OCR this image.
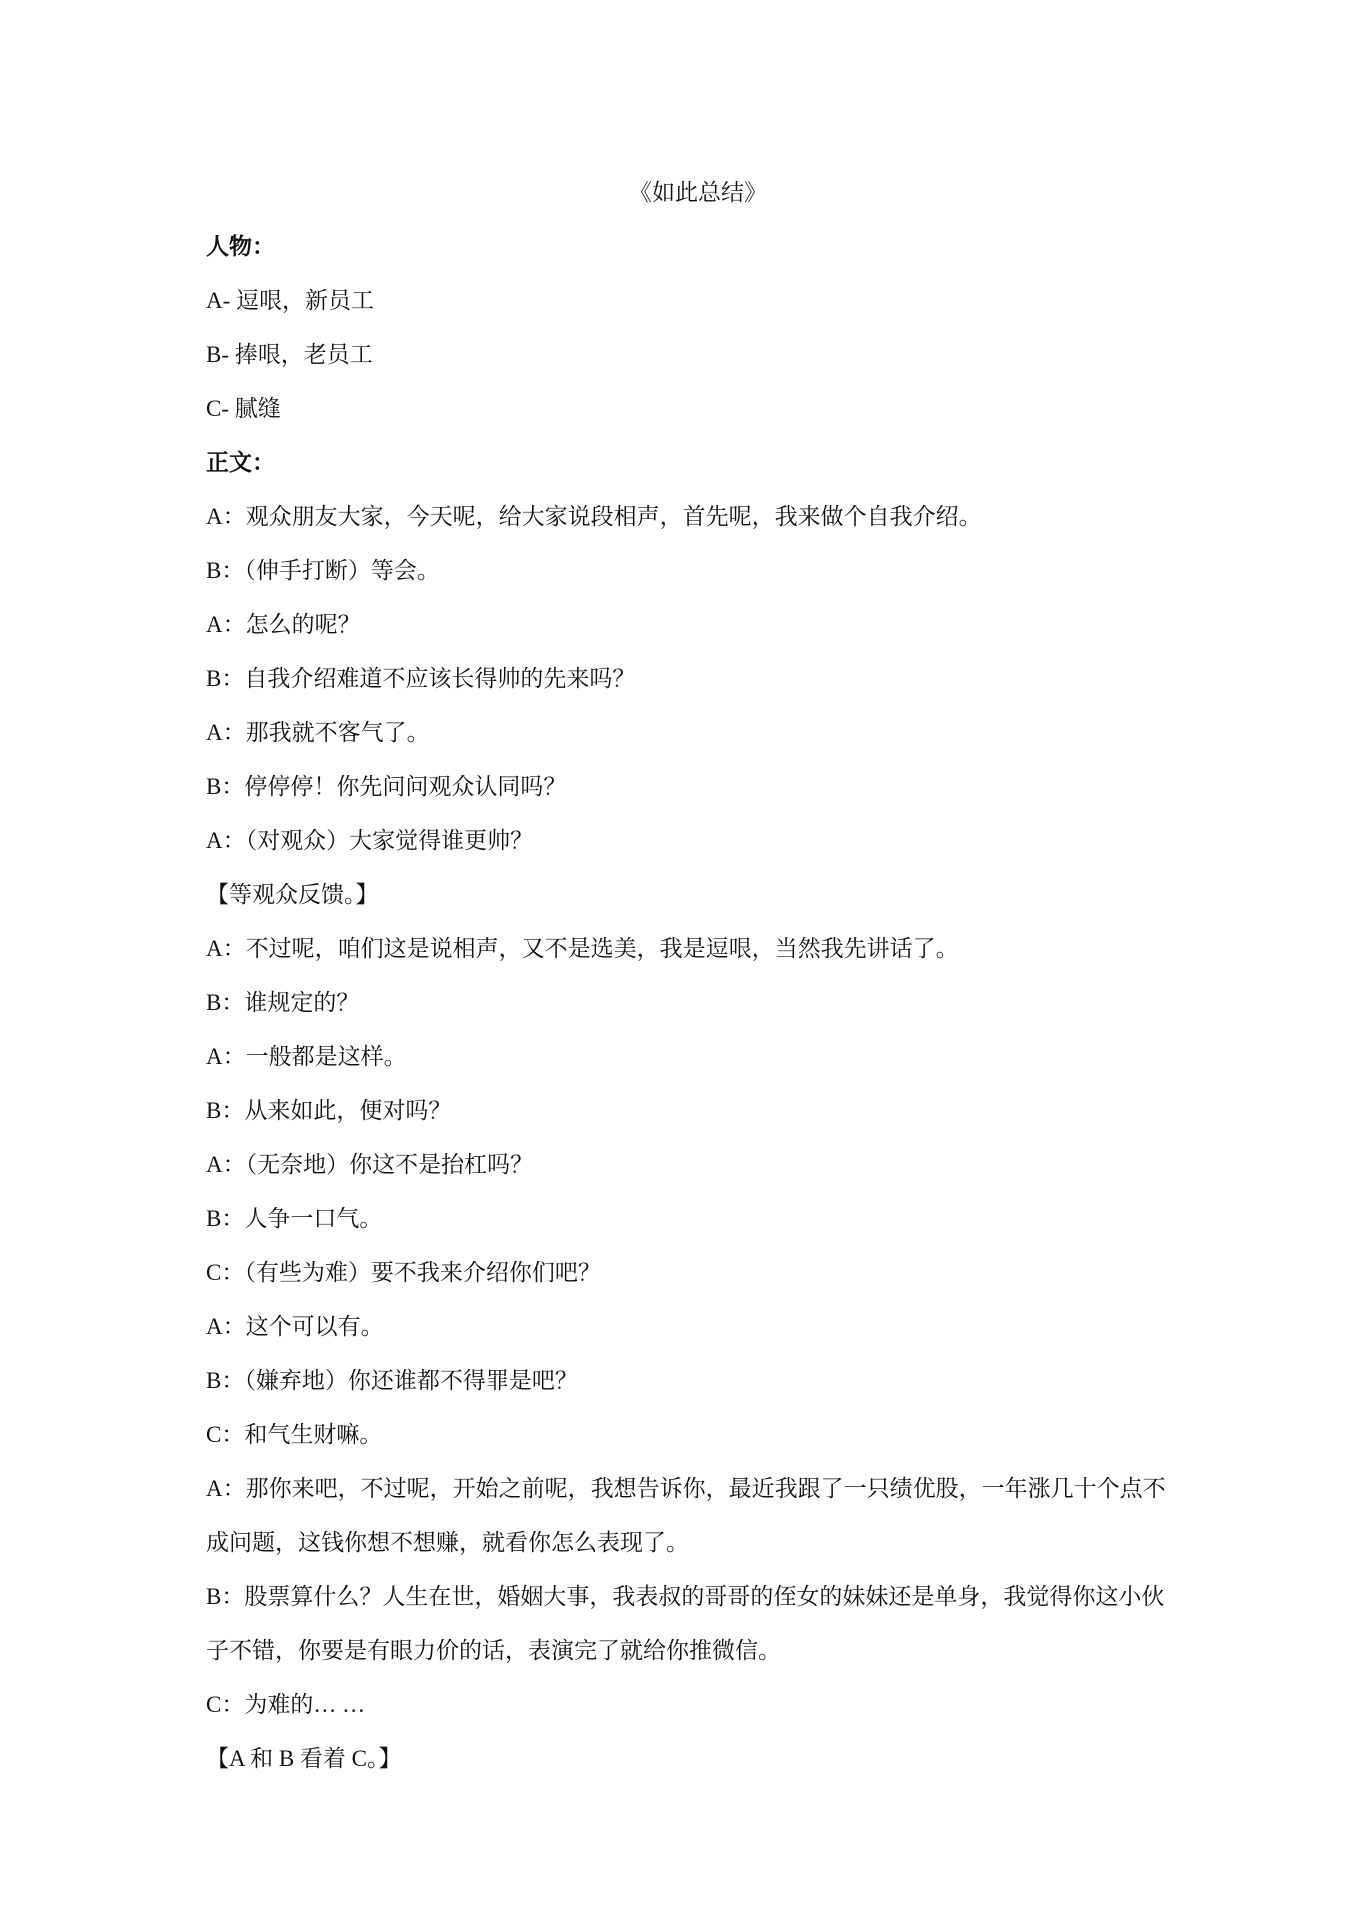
《如此总结》
人物：
A- 逗哏，新员工
B- 捧哏，老员工
C- 腻缝
正文：
A：观众朋友大家，今天呢，给大家说段相声，首先呢，我来做个自我介绍。
B：（伸手打断）等会。
A：怎么的呢？
B：自我介绍难道不应该长得帅的先来吗？
A：那我就不客气了。
B：停停停！你先问问观众认同吗？
A：（对观众）大家觉得谁更帅？
【等观众反馈。】
A：不过呢，咱们这是说相声，又不是选美，我是逗哏，当然我先讲话了。
B：谁规定的？
A：一般都是这样。
B：从来如此，便对吗？
A：（无奈地）你这不是抬杠吗？
B：人争一口气。
C：（有些为难）要不我来介绍你们吧？
A：这个可以有。
B：（嫌弃地）你还谁都不得罪是吧？
C：和气生财嘛。
A：那你来吧，不过呢，开始之前呢，我想告诉你，最近我跟了一只绩优股，一年涨几十个点不成问题，这钱你想不想赚，就看你怎么表现了。
B：股票算什么？人生在世，婚姻大事，我表叔的哥哥的侄女的妹妹还是单身，我觉得你这小伙子不错，你要是有眼力价的话，表演完了就给你推微信。
C：为难的… …
【A 和 B 看着 C。】
